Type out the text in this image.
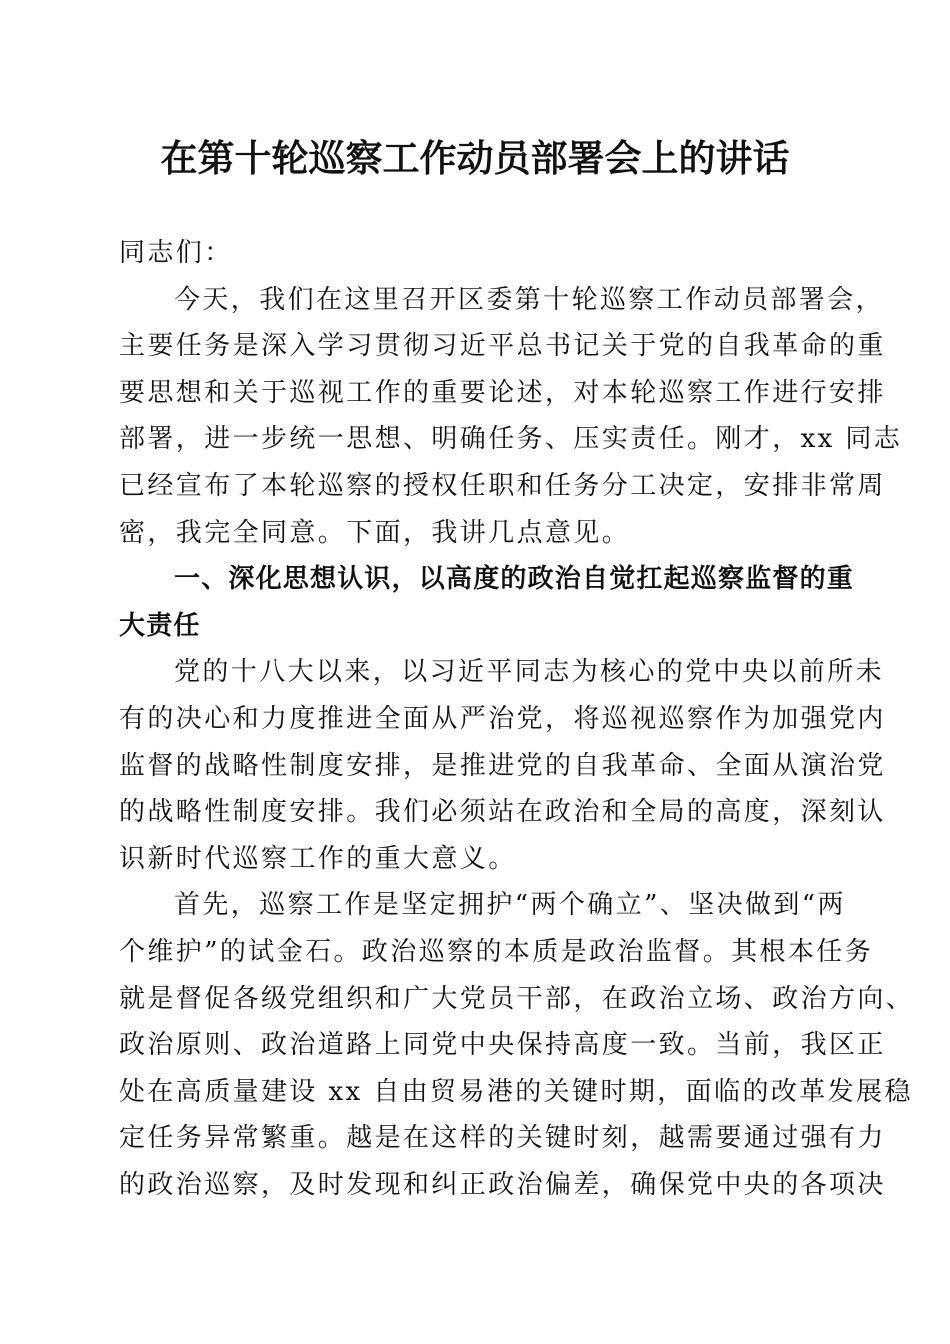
在第十轮巡察工作动员部署会上的讲话

同志们：

今天，我们在这里召开区委第十轮巡察工作动员部署会，
主要任务是深入学习贯彻习近平总书记关于党的自我革命的重
要思想和关于巡视工作的重要论述，对本轮巡察工作进行安排
部署，进一步统一思想、明确任务、压实责任。刚才，xx 同志
已经宣布了本轮巡察的授权任职和任务分工决定，安排非常周
密，我完全同意。下面，我讲几点意见。

一、深化思想认识，以高度的政治自觉扛起巡察监督的重
大责任

党的十八大以来，以习近平同志为核心的党中央以前所未
有的决心和力度推进全面从严治党，将巡视巡察作为加强党内
监督的战略性制度安排，是推进党的自我革命、全面从演治党
的战略性制度安排。我们必须站在政治和全局的高度，深刻认
识新时代巡察工作的重大意义。

首先，巡察工作是坚定拥护“两个确立”、坚决做到“两
个维护”的试金石。政治巡察的本质是政治监督。其根本任务
就是督促各级党组织和广大党员干部，在政治立场、政治方向、
政治原则、政治道路上同党中央保持高度一致。当前，我区正
处在高质量建设 xx 自由贸易港的关键时期，面临的改革发展稳
定任务异常繁重。越是在这样的关键时刻，越需要通过强有力
的政治巡察，及时发现和纠正政治偏差，确保党中央的各项决
